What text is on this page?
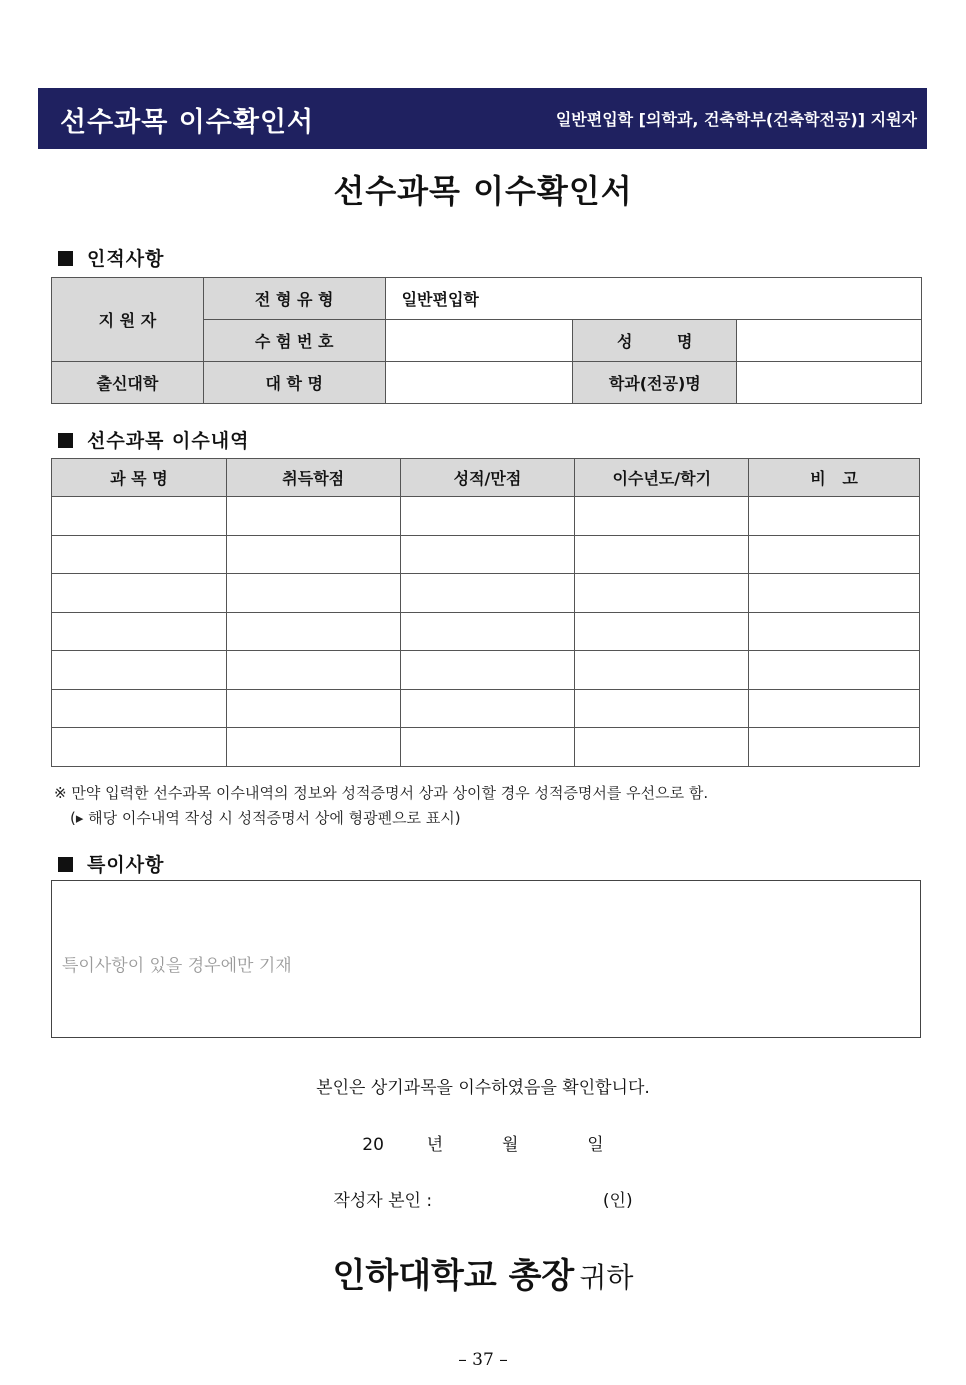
선수과목 이수확인서	일반편입학 [의학과, 건축학부(건축학전공)] 지원자
선수과목 이수확인서
인적사항
지 원 자	전 형 유 형	일반편입학		
	수 험 번 호		성        명	
출신대학	대 학 명		학과(전공)명	
선수과목 이수내역
과 목 명	취득학점	성적/만점	이수년도/학기	비   고

※ 만약 입력한 선수과목 이수내역의 정보와 성적증명서 상과 상이할 경우 성적증명서를 우선으로 함.
(▸ 해당 이수내역 작성 시 성적증명서 상에 형광펜으로 표시)
특이사항
특이사항이 있을 경우에만 기재
본인은 상기과목을 이수하였음을 확인합니다.
20	년	월	일
작성자 본인 :	(인)
인하대학교 총장 귀하
– 37 –
